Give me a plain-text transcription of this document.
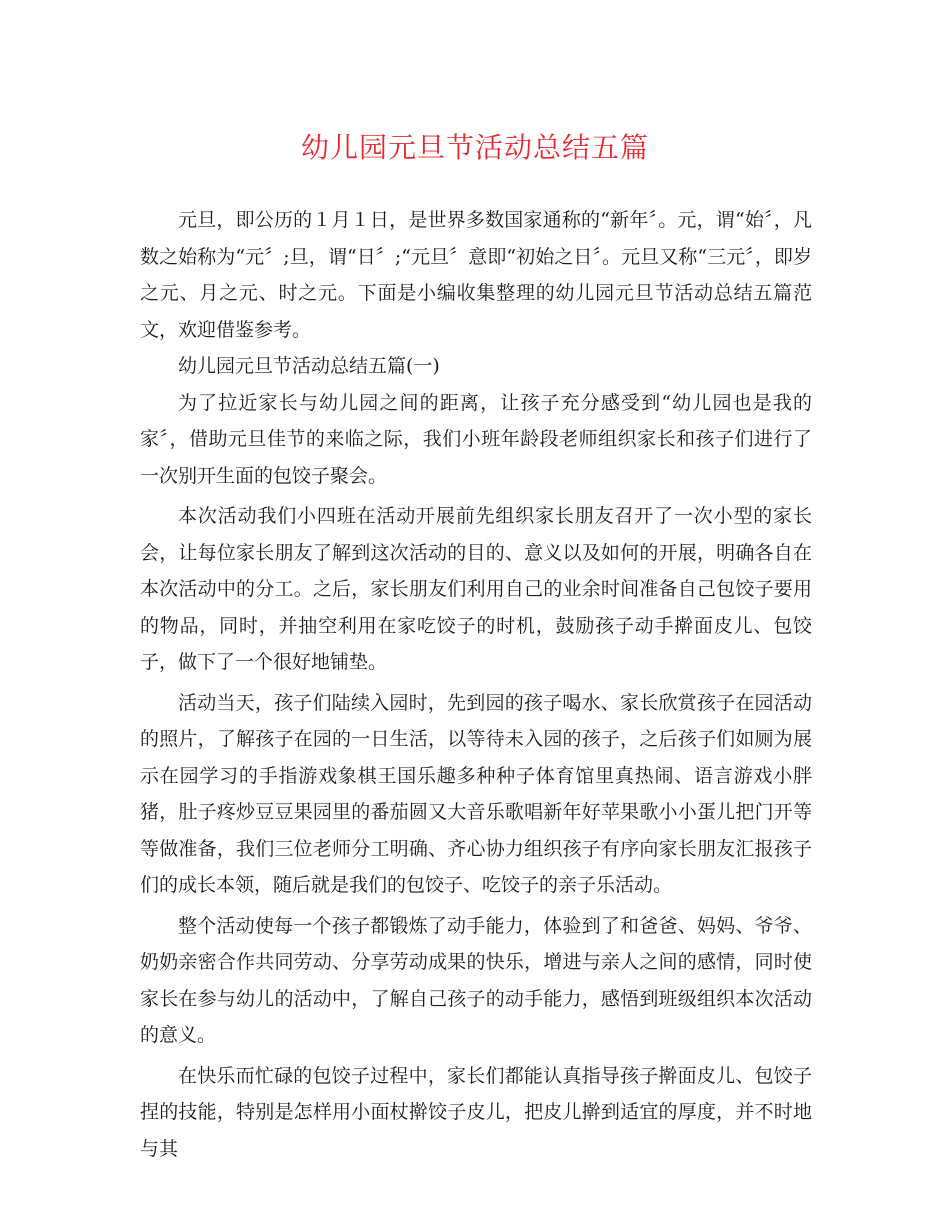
幼儿园元旦节活动总结五篇

元旦，即公历的１月１日，是世界多数国家通称的“新年〞。元，谓“始〞，凡数之始称为“元〞;旦，谓“日〞;“元旦〞意即“初始之日〞。元旦又称“三元〞，即岁之元、月之元、时之元。下面是小编收集整理的幼儿园元旦节活动总结五篇范文，欢迎借鉴参考。

幼儿园元旦节活动总结五篇(一)

为了拉近家长与幼儿园之间的距离，让孩子充分感受到“幼儿园也是我的家〞，借助元旦佳节的来临之际，我们小班年龄段老师组织家长和孩子们进行了一次别开生面的包饺子聚会。

本次活动我们小四班在活动开展前先组织家长朋友召开了一次小型的家长会，让每位家长朋友了解到这次活动的目的、意义以及如何的开展，明确各自在本次活动中的分工。之后，家长朋友们利用自己的业余时间准备自己包饺子要用的物品，同时，并抽空利用在家吃饺子的时机，鼓励孩子动手擀面皮儿、包饺子，做下了一个很好地铺垫。

活动当天，孩子们陆续入园时，先到园的孩子喝水、家长欣赏孩子在园活动的照片，了解孩子在园的一日生活，以等待未入园的孩子，之后孩子们如厕为展示在园学习的手指游戏象棋王国乐趣多种种子体育馆里真热闹、语言游戏小胖猪，肚子疼炒豆豆果园里的番茄圆又大音乐歌唱新年好苹果歌小小蛋儿把门开等等做准备，我们三位老师分工明确、齐心协力组织孩子有序向家长朋友汇报孩子们的成长本领，随后就是我们的包饺子、吃饺子的亲子乐活动。

整个活动使每一个孩子都锻炼了动手能力，体验到了和爸爸、妈妈、爷爷、奶奶亲密合作共同劳动、分享劳动成果的快乐，增进与亲人之间的感情，同时使家长在参与幼儿的活动中，了解自己孩子的动手能力，感悟到班级组织本次活动的意义。

在快乐而忙碌的包饺子过程中，家长们都能认真指导孩子擀面皮儿、包饺子捏的技能，特别是怎样用小面杖擀饺子皮儿，把皮儿擀到适宜的厚度，并不时地与其
